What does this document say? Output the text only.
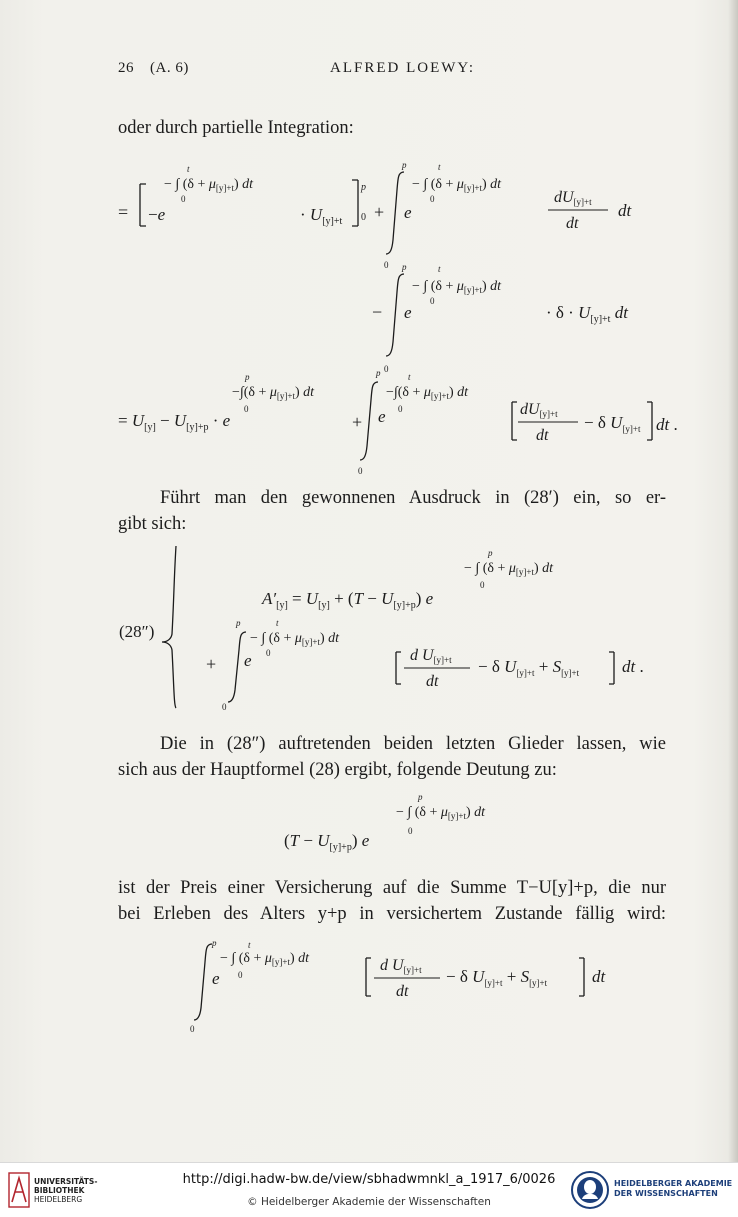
26 (A. 6)	ALFRED LOEWY:
oder durch partielle Integration:
= −e
− ∫ $(\delta + \mu_{[y]+t})$ dt
t
0
· $U_{[y]+t}$
p
0 +
p
0
e
− ∫ $(\delta + \mu_{[y]+t})$ dt
t
0	dU[y]+t
dt
dt
p
0
− e
− ∫ $(\delta + \mu_{[y]+t})$ dt
t
0
· $\delta \cdot U_{[y]+t}$ dt
= $U_{[y]} - U_{[y]+p} \cdot e$
$-\int(\delta + \mu_{[y]+t})$ dt
p
0
+
p
0
e
$-\int(\delta + \mu_{[y]+t})$ dt
t
0	dU[y]+t
dt
− δ $U_{[y]+t}$ dt .
Führt man den gewonnenen Ausdruck in (28′) ein, so er-
gibt sich:
(28″)
− ∫ $(\delta + \mu_{[y]+t})$ dt
p
0
$A'_{[y]} = U_{[y]} + (T - U_{[y]+p})$ e
p
0
+ e
− ∫ $(\delta + \mu_{[y]+t})$ dt
t
0	d U[y]+t
dt
− δ $U_{[y]+t} + S_{[y]+t}$	dt .
Die in (28″) auftretenden beiden letzten Glieder lassen, wie
sich aus der Hauptformel (28) ergibt, folgende Deutung zu:
− ∫ $(\delta + \mu_{[y]+t})$ dt
p
0
$(T - U_{[y]+p})$ e
ist der Preis einer Versicherung auf die Summe T−U[y]+p, die nur
bei Erleben des Alters y+p in versichertem Zustande fällig wird:
p
0
e
− ∫ $(\delta + \mu_{[y]+t})$ dt
t
0
d U[y]+t
dt
− δ $U_{[y]+t} + S_{[y]+t}$	dt
UNIVERSITÄTS-
BIBLIOTHEK
HEIDELBERG
http://digi.hadw-bw.de/view/sbhadwmnkl_a_1917_6/0026
© Heidelberger Akademie der Wissenschaften
HEIDELBERGER AKADEMIE
DER WISSENSCHAFTEN
